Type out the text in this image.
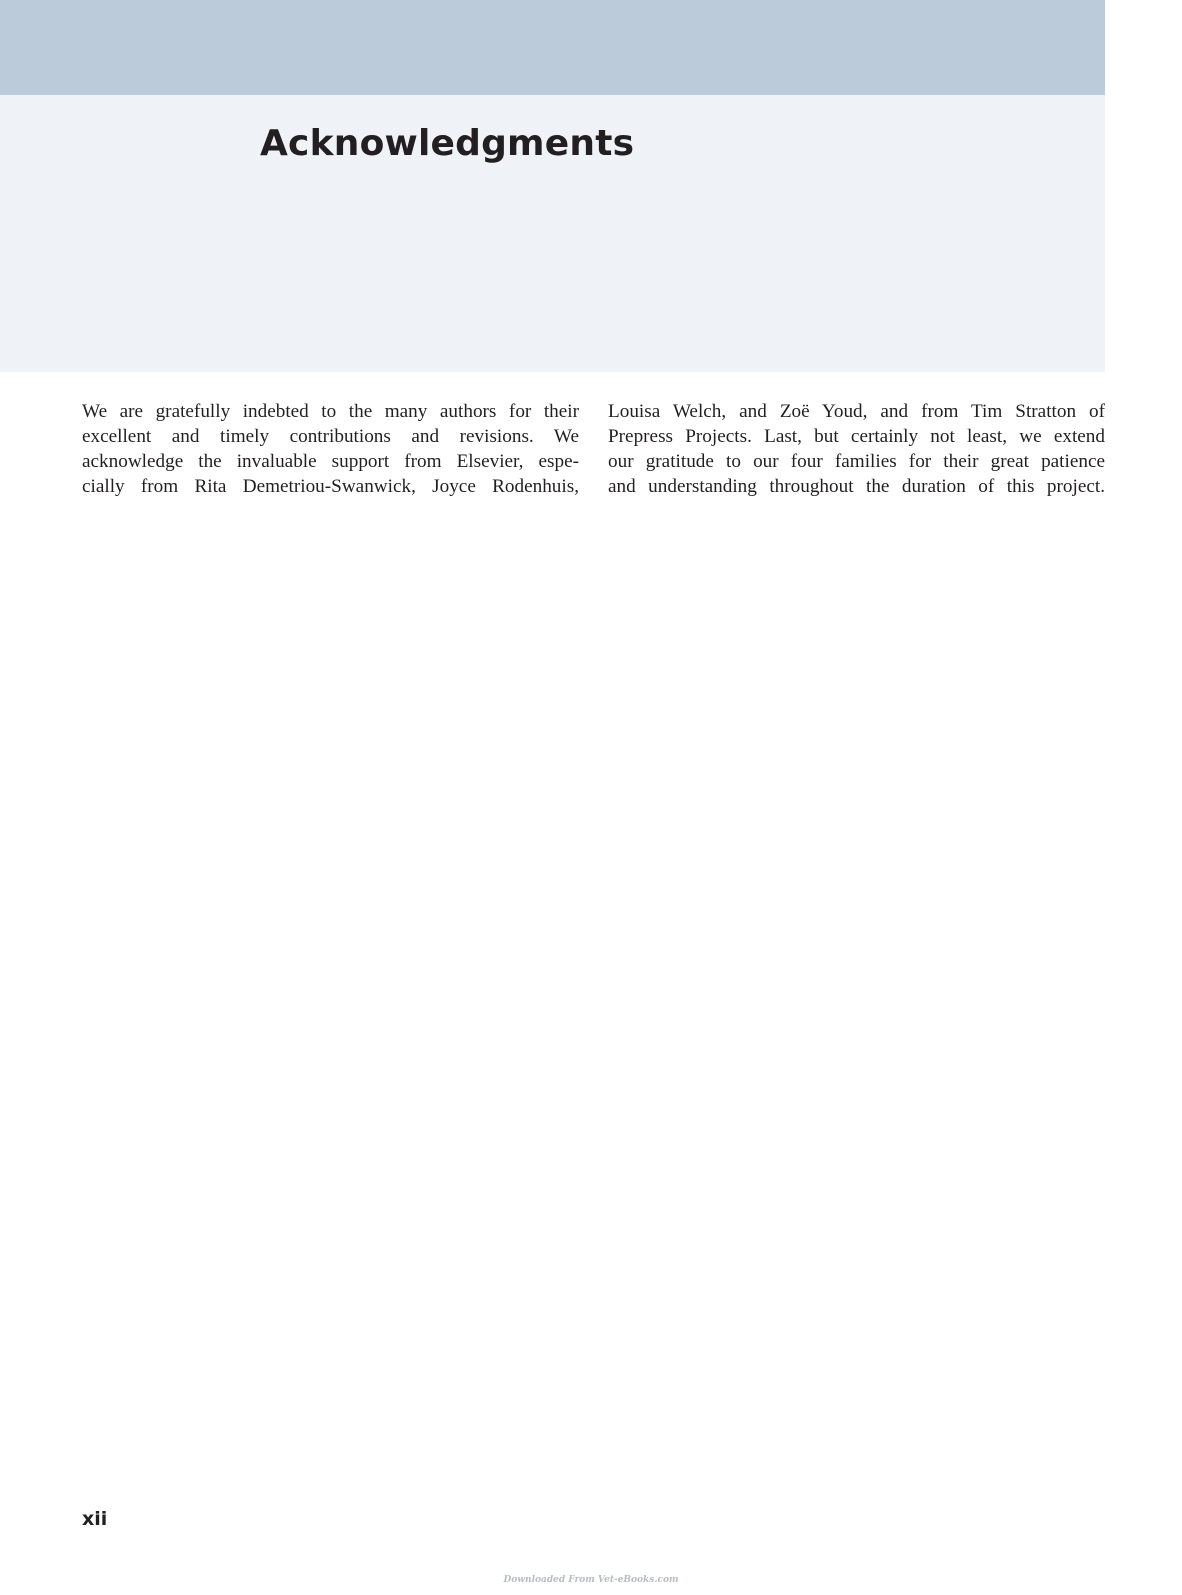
Acknowledgments
We are gratefully indebted to the many authors for their
excellent and timely contributions and revisions. We
acknowledge the invaluable support from Elsevier, espe-
cially from Rita Demetriou-Swanwick, Joyce Rodenhuis,
Louisa Welch, and Zoë Youd, and from Tim Stratton of
Prepress Projects. Last, but certainly not least, we extend
our gratitude to our four families for their great patience
and understanding throughout the duration of this project.
xii
Downloaded From Vet-eBooks.com
